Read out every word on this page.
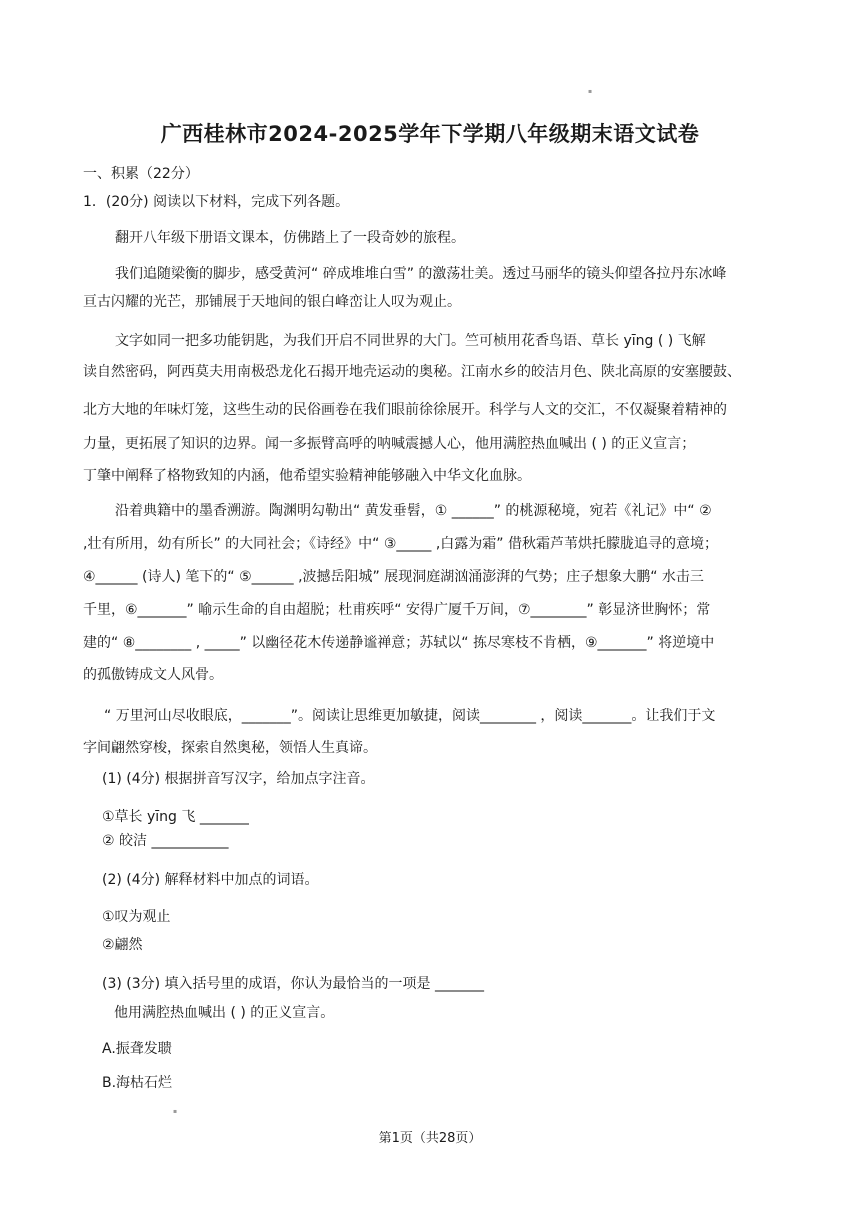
▪
广西桂林市2024-2025学年下学期八年级期末语文试卷
一、积累（22分）
1．(20分) 阅读以下材料，完成下列各题。
翻开八年级下册语文课本，仿佛踏上了一段奇妙的旅程。
我们追随梁衡的脚步，感受黄河“ 碎成堆堆白雪” 的激荡壮美。透过马丽华的镜头仰望各拉丹东冰峰
亘古闪耀的光芒，那铺展于天地间的银白峰峦让人叹为观止。
文字如同一把多功能钥匙，为我们开启不同世界的大门。竺可桢用花香鸟语、草长 yīng ( ) 飞解
读自然密码，阿西莫夫用南极恐龙化石揭开地壳运动的奥秘。江南水乡的皎洁月色、陕北高原的安塞腰鼓、
北方大地的年味灯笼，这些生动的民俗画卷在我们眼前徐徐展开。科学与人文的交汇，不仅凝聚着精神的
力量，更拓展了知识的边界。闻一多振臂高呼的呐喊震撼人心，他用满腔热血喊出 ( ) 的正义宣言；
丁肇中阐释了格物致知的内涵，他希望实验精神能够融入中华文化血脉。
沿着典籍中的墨香溯游。陶渊明勾勒出“ 黄发垂髫，① ______” 的桃源秘境，宛若《礼记》中“ ②
,壮有所用，幼有所长” 的大同社会；《诗经》中“ ③_____ ,白露为霜” 借秋霜芦苇烘托朦胧追寻的意境；
④______ (诗人) 笔下的“ ⑤______ ,波撼岳阳城” 展现洞庭湖汹涌澎湃的气势；庄子想象大鹏“ 水击三
千里，⑥_______” 喻示生命的自由超脱；杜甫疾呼“ 安得广厦千万间，⑦________” 彰显济世胸怀；常
建的“ ⑧________ , _____” 以幽径花木传递静谧禅意；苏轼以“ 拣尽寒枝不肯栖，⑨_______” 将逆境中
的孤傲铸成文人风骨。
“ 万里河山尽收眼底，_______”。阅读让思维更加敏捷，阅读________ ，阅读_______。让我们于文
字间翩然穿梭，探索自然奥秘，领悟人生真谛。
(1) (4分) 根据拼音写汉字，给加点字注音。
①草长 yīng 飞 _______
② 皎洁 ___________
(2) (4分) 解释材料中加点的词语。
①叹为观止
②翩然
(3) (3分) 填入括号里的成语，你认为最恰当的一项是 _______
他用满腔热血喊出 ( ) 的正义宣言。
A.振聋发聩
B.海枯石烂
▪
第1页（共28页）
